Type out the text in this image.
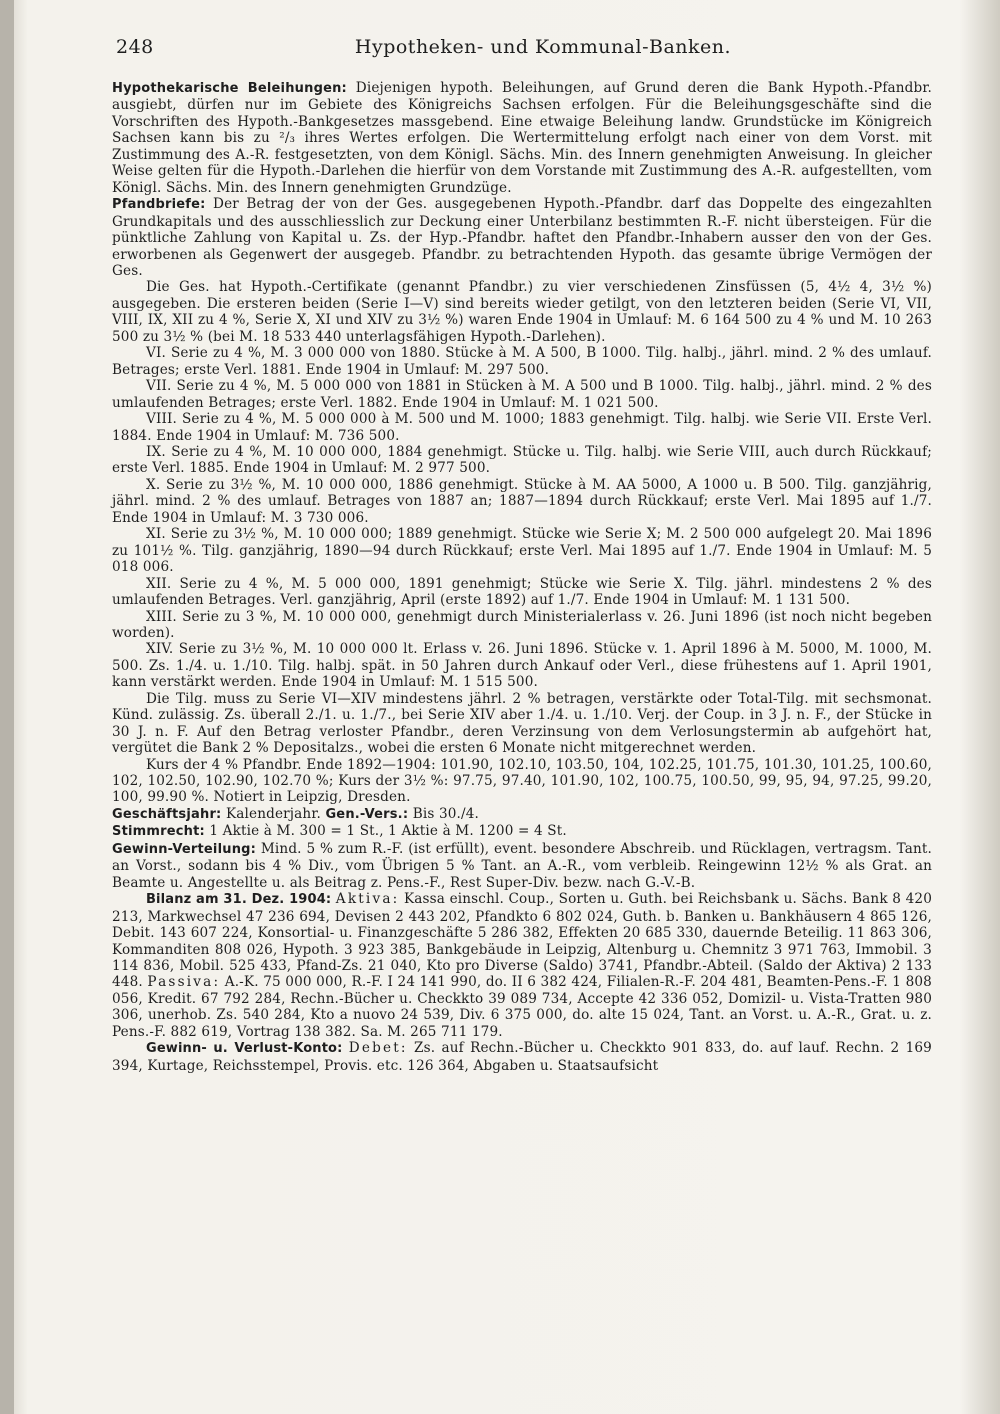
248	Hypotheken- und Kommunal-Banken.

Hypothekarische Beleihungen: Diejenigen hypoth. Beleihungen, auf Grund deren die Bank Hypoth.-Pfandbr. ausgiebt, dürfen nur im Gebiete des Königreichs Sachsen erfolgen. Für die Beleihungsgeschäfte sind die Vorschriften des Hypoth.-Bankgesetzes massgebend. Eine etwaige Beleihung landw. Grundstücke im Königreich Sachsen kann bis zu ²/₃ ihres Wertes erfolgen. Die Wertermittelung erfolgt nach einer von dem Vorst. mit Zustimmung des A.-R. festgesetzten, von dem Königl. Sächs. Min. des Innern genehmigten Anweisung. In gleicher Weise gelten für die Hypoth.-Darlehen die hierfür von dem Vorstande mit Zustimmung des A.-R. aufgestellten, vom Königl. Sächs. Min. des Innern genehmigten Grundzüge.

Pfandbriefe: Der Betrag der von der Ges. ausgegebenen Hypoth.-Pfandbr. darf das Doppelte des eingezahlten Grundkapitals und des ausschliesslich zur Deckung einer Unterbilanz bestimmten R.-F. nicht übersteigen. Für die pünktliche Zahlung von Kapital u. Zs. der Hyp.-Pfandbr. haftet den Pfandbr.-Inhabern ausser den von der Ges. erworbenen als Gegenwert der ausgegeb. Pfandbr. zu betrachtenden Hypoth. das gesamte übrige Vermögen der Ges.

Die Ges. hat Hypoth.-Certifikate (genannt Pfandbr.) zu vier verschiedenen Zinsfüssen (5, 4½ 4, 3½ %) ausgegeben. Die ersteren beiden (Serie I—V) sind bereits wieder getilgt, von den letzteren beiden (Serie VI, VII, VIII, IX, XII zu 4 %, Serie X, XI und XIV zu 3½ %) waren Ende 1904 in Umlauf: M. 6 164 500 zu 4 % und M. 10 263 500 zu 3½ % (bei M. 18 533 440 unterlagsfähigen Hypoth.-Darlehen).

VI. Serie zu 4 %, M. 3 000 000 von 1880. Stücke à M. A 500, B 1000. Tilg. halbj., jährl. mind. 2 % des umlauf. Betrages; erste Verl. 1881. Ende 1904 in Umlauf: M. 297 500.

VII. Serie zu 4 %, M. 5 000 000 von 1881 in Stücken à M. A 500 und B 1000. Tilg. halbj., jährl. mind. 2 % des umlaufenden Betrages; erste Verl. 1882. Ende 1904 in Umlauf: M. 1 021 500.

VIII. Serie zu 4 %, M. 5 000 000 à M. 500 und M. 1000; 1883 genehmigt. Tilg. halbj. wie Serie VII. Erste Verl. 1884. Ende 1904 in Umlauf: M. 736 500.

IX. Serie zu 4 %, M. 10 000 000, 1884 genehmigt. Stücke u. Tilg. halbj. wie Serie VIII, auch durch Rückkauf; erste Verl. 1885. Ende 1904 in Umlauf: M. 2 977 500.

X. Serie zu 3½ %, M. 10 000 000, 1886 genehmigt. Stücke à M. AA 5000, A 1000 u. B 500. Tilg. ganzjährig, jährl. mind. 2 % des umlauf. Betrages von 1887 an; 1887—1894 durch Rückkauf; erste Verl. Mai 1895 auf 1./7. Ende 1904 in Umlauf: M. 3 730 006.

XI. Serie zu 3½ %, M. 10 000 000; 1889 genehmigt. Stücke wie Serie X; M. 2 500 000 aufgelegt 20. Mai 1896 zu 101½ %. Tilg. ganzjährig, 1890—94 durch Rückkauf; erste Verl. Mai 1895 auf 1./7. Ende 1904 in Umlauf: M. 5 018 006.

XII. Serie zu 4 %, M. 5 000 000, 1891 genehmigt; Stücke wie Serie X. Tilg. jährl. mindestens 2 % des umlaufenden Betrages. Verl. ganzjährig, April (erste 1892) auf 1./7. Ende 1904 in Umlauf: M. 1 131 500.

XIII. Serie zu 3 %, M. 10 000 000, genehmigt durch Ministerialerlass v. 26. Juni 1896 (ist noch nicht begeben worden).

XIV. Serie zu 3½ %, M. 10 000 000 lt. Erlass v. 26. Juni 1896. Stücke v. 1. April 1896 à M. 5000, M. 1000, M. 500. Zs. 1./4. u. 1./10. Tilg. halbj. spät. in 50 Jahren durch Ankauf oder Verl., diese frühestens auf 1. April 1901, kann verstärkt werden. Ende 1904 in Umlauf: M. 1 515 500.

Die Tilg. muss zu Serie VI—XIV mindestens jährl. 2 % betragen, verstärkte oder Total-Tilg. mit sechsmonat. Künd. zulässig. Zs. überall 2./1. u. 1./7., bei Serie XIV aber 1./4. u. 1./10. Verj. der Coup. in 3 J. n. F., der Stücke in 30 J. n. F. Auf den Betrag verloster Pfandbr., deren Verzinsung von dem Verlosungstermin ab aufgehört hat, vergütet die Bank 2 % Depositalzs., wobei die ersten 6 Monate nicht mitgerechnet werden.

Kurs der 4 % Pfandbr. Ende 1892—1904: 101.90, 102.10, 103.50, 104, 102.25, 101.75, 101.30, 101.25, 100.60, 102, 102.50, 102.90, 102.70 %; Kurs der 3½ %: 97.75, 97.40, 101.90, 102, 100.75, 100.50, 99, 95, 94, 97.25, 99.20, 100, 99.90 %. Notiert in Leipzig, Dresden.

Geschäftsjahr: Kalenderjahr. Gen.-Vers.: Bis 30./4.

Stimmrecht: 1 Aktie à M. 300 = 1 St., 1 Aktie à M. 1200 = 4 St.

Gewinn-Verteilung: Mind. 5 % zum R.-F. (ist erfüllt), event. besondere Abschreib. und Rücklagen, vertragsm. Tant. an Vorst., sodann bis 4 % Div., vom Übrigen 5 % Tant. an A.-R., vom verbleib. Reingewinn 12½ % als Grat. an Beamte u. Angestellte u. als Beitrag z. Pens.-F., Rest Super-Div. bezw. nach G.-V.-B.

Bilanz am 31. Dez. 1904: Aktiva: Kassa einschl. Coup., Sorten u. Guth. bei Reichsbank u. Sächs. Bank 8 420 213, Markwechsel 47 236 694, Devisen 2 443 202, Pfandkto 6 802 024, Guth. b. Banken u. Bankhäusern 4 865 126, Debit. 143 607 224, Konsortial- u. Finanzgeschäfte 5 286 382, Effekten 20 685 330, dauernde Beteilig. 11 863 306, Kommanditen 808 026, Hypoth. 3 923 385, Bankgebäude in Leipzig, Altenburg u. Chemnitz 3 971 763, Immobil. 3 114 836, Mobil. 525 433, Pfand-Zs. 21 040, Kto pro Diverse (Saldo) 3741, Pfandbr.-Abteil. (Saldo der Aktiva) 2 133 448. Passiva: A.-K. 75 000 000, R.-F. I 24 141 990, do. II 6 382 424, Filialen-R.-F. 204 481, Beamten-Pens.-F. 1 808 056, Kredit. 67 792 284, Rechn.-Bücher u. Checkkto 39 089 734, Accepte 42 336 052, Domizil- u. Vista-Tratten 980 306, unerhob. Zs. 540 284, Kto a nuovo 24 539, Div. 6 375 000, do. alte 15 024, Tant. an Vorst. u. A.-R., Grat. u. z. Pens.-F. 882 619, Vortrag 138 382. Sa. M. 265 711 179.

Gewinn- u. Verlust-Konto: Debet: Zs. auf Rechn.-Bücher u. Checkkto 901 833, do. auf lauf. Rechn. 2 169 394, Kurtage, Reichsstempel, Provis. etc. 126 364, Abgaben u. Staatsaufsicht
